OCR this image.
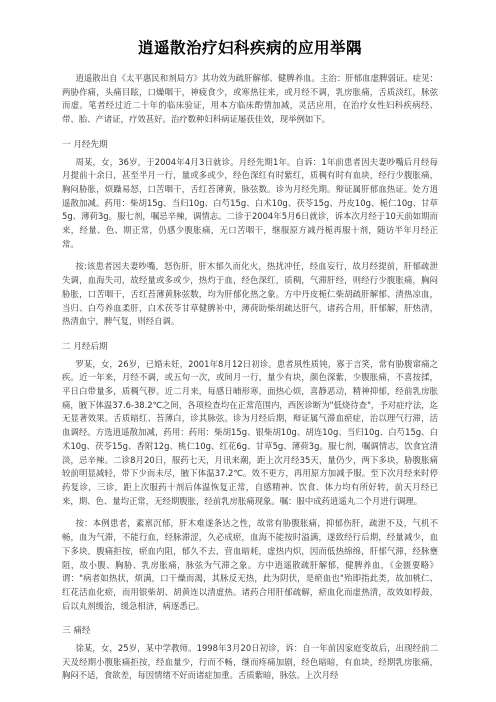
逍遥散治疗妇科疾病的应用举隅

逍遥散出自《太平惠民和剂局方》其功效为疏肝解郁、健脾养血。主治：肝郁血虚脾弱证。症见：两胁作痛，头痛目眩，口燥咽干，神疲食少，或寒热往来，或月经不调，乳房胀痛，舌质淡红，脉弦而虚。笔者经过近二十年的临床验证，用本方临床酌情加减，灵活应用，在治疗女性妇科疾病经、带、胎、产诸证，疗效甚好。治疗数种妇科病证屡获佳效，现举例如下。

一 月经先期

周某，女，36岁，于2004年4月3日就诊。月经先期1年。自诉：1年前患者因夫妻吵嘴后月经每月提前十余日，甚至半月一行，量或多或少，经色深红有时紫红，质稠有时有血块，经行少腹胀痛，胸闷胁胀，烦躁易怒，口苦咽干，舌红苔薄黄，脉弦数。诊为月经先期。辩证属肝郁血热证。处方逍遥散加减。药用：柴胡15g、当归10g、白芍15g、白术10g、茯苓15g、丹皮10g、栀仁10g、甘草5g、薄荷3g。服七剂，嘱忌辛辣，调情志。二诊于2004年5月6日就诊，诉本次月经于10天前如期而来，经量、色、期正常，仍感少腹胀痛，无口苦咽干，继服原方减丹栀再服十剂，随访半年月经正常。

按:该患者因夫妻吵嘴，怒伤肝，肝木郁久而化火，热扰冲任，经血妄行，故月经提前，肝郁疏泄失调，血海失司，故经量或多或少，热灼于血，经色深红，质稠，气滞肝经，则经行少腹胀痛，胸闷胁胀，口苦咽干，舌红苔薄黄脉弦数，均为肝郁化热之象。方中丹皮栀仁柴胡疏肝解郁、清热凉血，当归、白芍养血柔肝，白术茯苓甘草健脾补中，薄荷助柴胡疏达肝气，诸药合用，肝郁解，肝热清，热清血宁，脾气复，则经自调。

二 月经后期

罗某，女，26岁，已婚未妊，2001年8月12日初诊。患者夙性质钝，寡于言笑，常有胁腹窜痛之疾。近一年来，月经不调，或五旬一次，或间月一行，量少有块，颜色深紫，少腹胀痛，不喜按揉，平日白带量多，质稠气秽。近二月来，每感日晡形寒，面热心烦，喜静恶动，精神抑郁，经前乳房胀痛，腋下体温37.6-38.2℃之间，各项检查均在正常范围内，西医诊断为"低烧待查"，予对症疗法，迄无显著效果。舌质暗红、苔薄白，诊其脉弦。诊为月经后期，辩证属气滞血瘀症，治以理气行滞，活血调经。方选逍遥散加减，药用：药用：柴胡15g、银柴胡10g、胡连10g、当归10g、白芍15g、白术10g、茯苓15g、香附12g、桃仁10g、红花6g、甘草5g、薄荷3g。服七剂，嘱调情志，饮食宜清淡，忌辛辣。二诊8月20日，服药七天，月讯来潮，距上次月经35天，量仍少，两下多块，胁腹胀痛较前明显减轻，带下少而未尽，腋下体温37.2℃。效不更方，再用原方加减予服。至下次月经来时停药复诊，三诊，距上次服药十剂后体温恢复正常，自感精神、饮食、体力均有所好转，前天月经已来，期、色、量均正常，无经期腹胀，经前乳房胀痛现象。嘱：服中成药逍遥丸二个月进行调理。

按：本例患者，素禀沉郁，肝木难遂条达之性，故常有胁腹胀痛，抑郁伤肝，疏泄不及，气机不畅，血为气滞，不能行血，经脉滞涩，久必成瘀，血海不能按时溢满，遂致经行后期，经量减少，血下多块，腹痛拒按，瘀血内阻，郁久不去，营血暗耗，虚热内炽，因而低热绵绵，肝郁气滞，经脉壅阻，故小腹、胸胁、乳房胀痛，脉弦为气滞之象。方中逍遥散疏肝解郁，健脾养血，《金匮要略》谓："病者如热状，烦满，口干燥而渴，其脉反无热，此为阴伏，是瘀血也"殆即指此类，故加桃仁、红花活血化瘀，而用银柴胡、胡黄连以清虚热。诸药合用肝郁疏解，瘀血化而虚热清，故效如桴鼓，后以丸剂缓治，缓急相济，病逐悉已。

三 痛经

徐某，女，25岁，某中学教师。1998年3月20日初诊，诉：自一年前因家庭变故后，出现经前二天及经期小腹胀痛拒按，经血量少，行而不畅，继而疼痛加剧，经色暗暗，有血块，经期乳房胀痛，胸闷不适，食欲差，每因情绪不好而诸症加重。舌质紫暗，脉弦。上次月经
